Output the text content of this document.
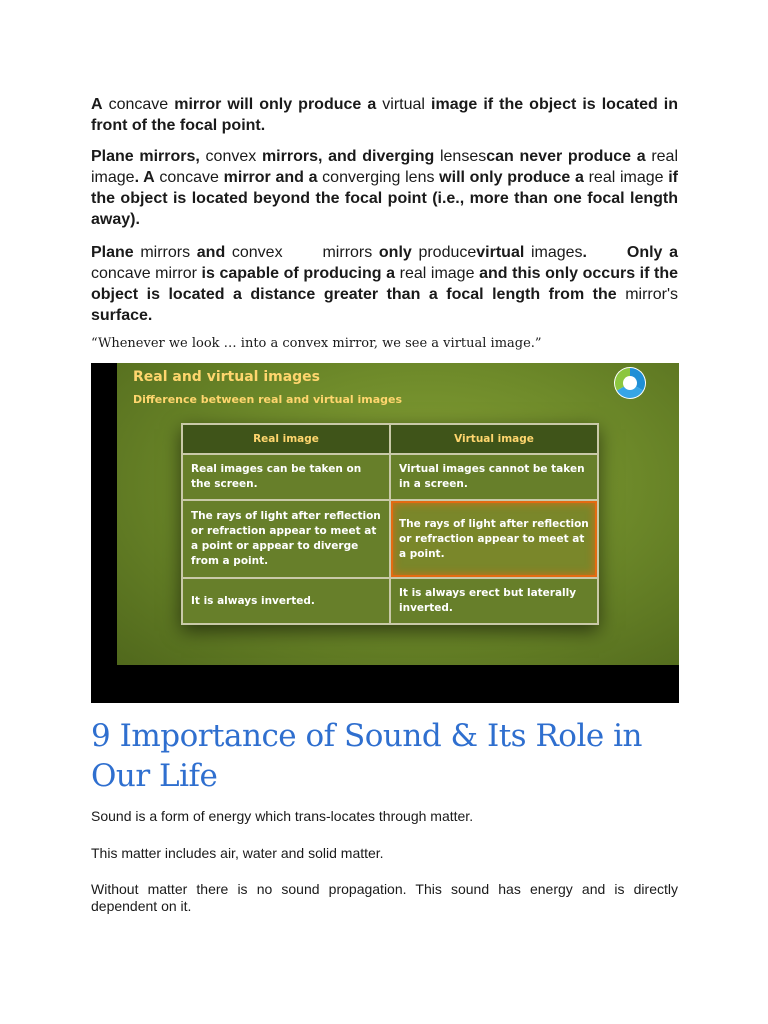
A concave mirror will only produce a virtual image if the object is located in front of the focal point.

Plane mirrors, convex mirrors, and diverging lensescan never produce a real image. A concave mirror and a converging lens will only produce a real image if the object is located beyond the focal point (i.e., more than one focal length away).

Plane mirrors and convex      mirrors only producevirtual images.      Only a concave mirror is capable of producing a real image and this only occurs if the object is located a distance greater than a focal length from the mirror's surface.

“Whenever we look … into a convex mirror, we see a virtual image.”

Real and virtual images
Difference between real and virtual images
Real image	Virtual image
Real images can be taken on the screen.	Virtual images cannot be taken in a screen.
The rays of light after reflection or refraction appear to meet at a point or appear to diverge from a point.	The rays of light after reflection or refraction appear to meet at a point.
It is always inverted.	It is always erect but laterally inverted.
9 Importance of Sound & Its Role in Our Life

Sound is a form of energy which trans-locates through matter.

This matter includes air, water and solid matter.

Without matter there is no sound propagation. This sound has energy and is directly dependent on it.
